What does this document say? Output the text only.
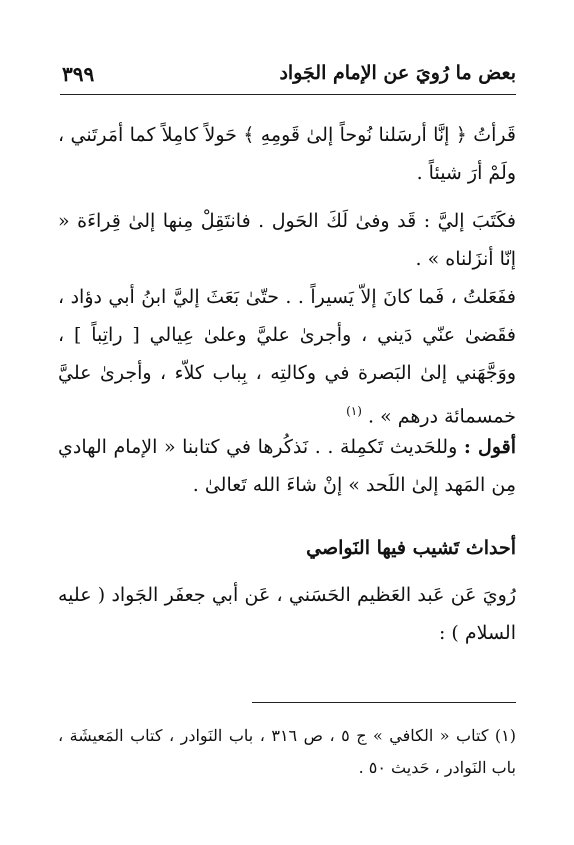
٣٩٩	بعض ما رُويَ عن الإمام الجَواد

قَرأتُ ﴿ إنَّا أرسَلنا نُوحاً إلىٰ قَومِهِ ﴾ حَولاً كامِلاً كما أمَرتَني ، ولَمْ أرَ شيئاً .

فكَتَبَ إليَّ : قَد وفىٰ لَكَ الحَول . فانتَقِلْ مِنها إلىٰ قِراءَة « إنّا أنزَلناه » .

ففَعَلتُ ، فَما كانَ إلاّ يَسيراً . . حتّىٰ بَعَثَ إليَّ ابنُ أبي دؤاد ، فقَضىٰ عنّي دَيني ، وأجرىٰ عليَّ وعلىٰ عِيالي [ راتِباً ] ، ووَجَّهَني إلىٰ البَصرة في وكالتِه ، بِباب كلاّء ، وأجرىٰ عليَّ خمسمائة درهم » . $^{(١)}$

أقول : وللحَديث تَكمِلة . . نَذكُرها في كتابنا « الإمام الهادي مِن المَهد إلىٰ اللَحد » إنْ شاءَ الله تَعالىٰ .

أحداث تَشيب فيها النَواصي

رُويَ عَن عَبد العَظيم الحَسَني ، عَن أبي جعفَر الجَواد ( عليه السلام ) :

(١) كتاب « الكافي » ج ٥ ، ص ٣١٦ ، باب النَوادر ، كتاب المَعيشَة ، باب النَوادر ، حَديث ٥٠ .
